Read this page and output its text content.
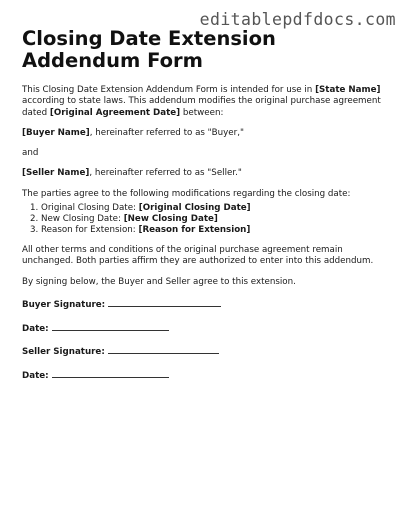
editablepdfdocs.com
Closing Date Extension Addendum Form

This Closing Date Extension Addendum Form is intended for use in [State Name] according to state laws. This addendum modifies the original purchase agreement dated [Original Agreement Date] between:

[Buyer Name], hereinafter referred to as "Buyer,"

and

[Seller Name], hereinafter referred to as "Seller."

The parties agree to the following modifications regarding the closing date:

1. Original Closing Date: [Original Closing Date]
2. New Closing Date: [New Closing Date]
3. Reason for Extension: [Reason for Extension]

All other terms and conditions of the original purchase agreement remain unchanged. Both parties affirm they are authorized to enter into this addendum.

By signing below, the Buyer and Seller agree to this extension.

Buyer Signature:
Date:
Seller Signature:
Date:
